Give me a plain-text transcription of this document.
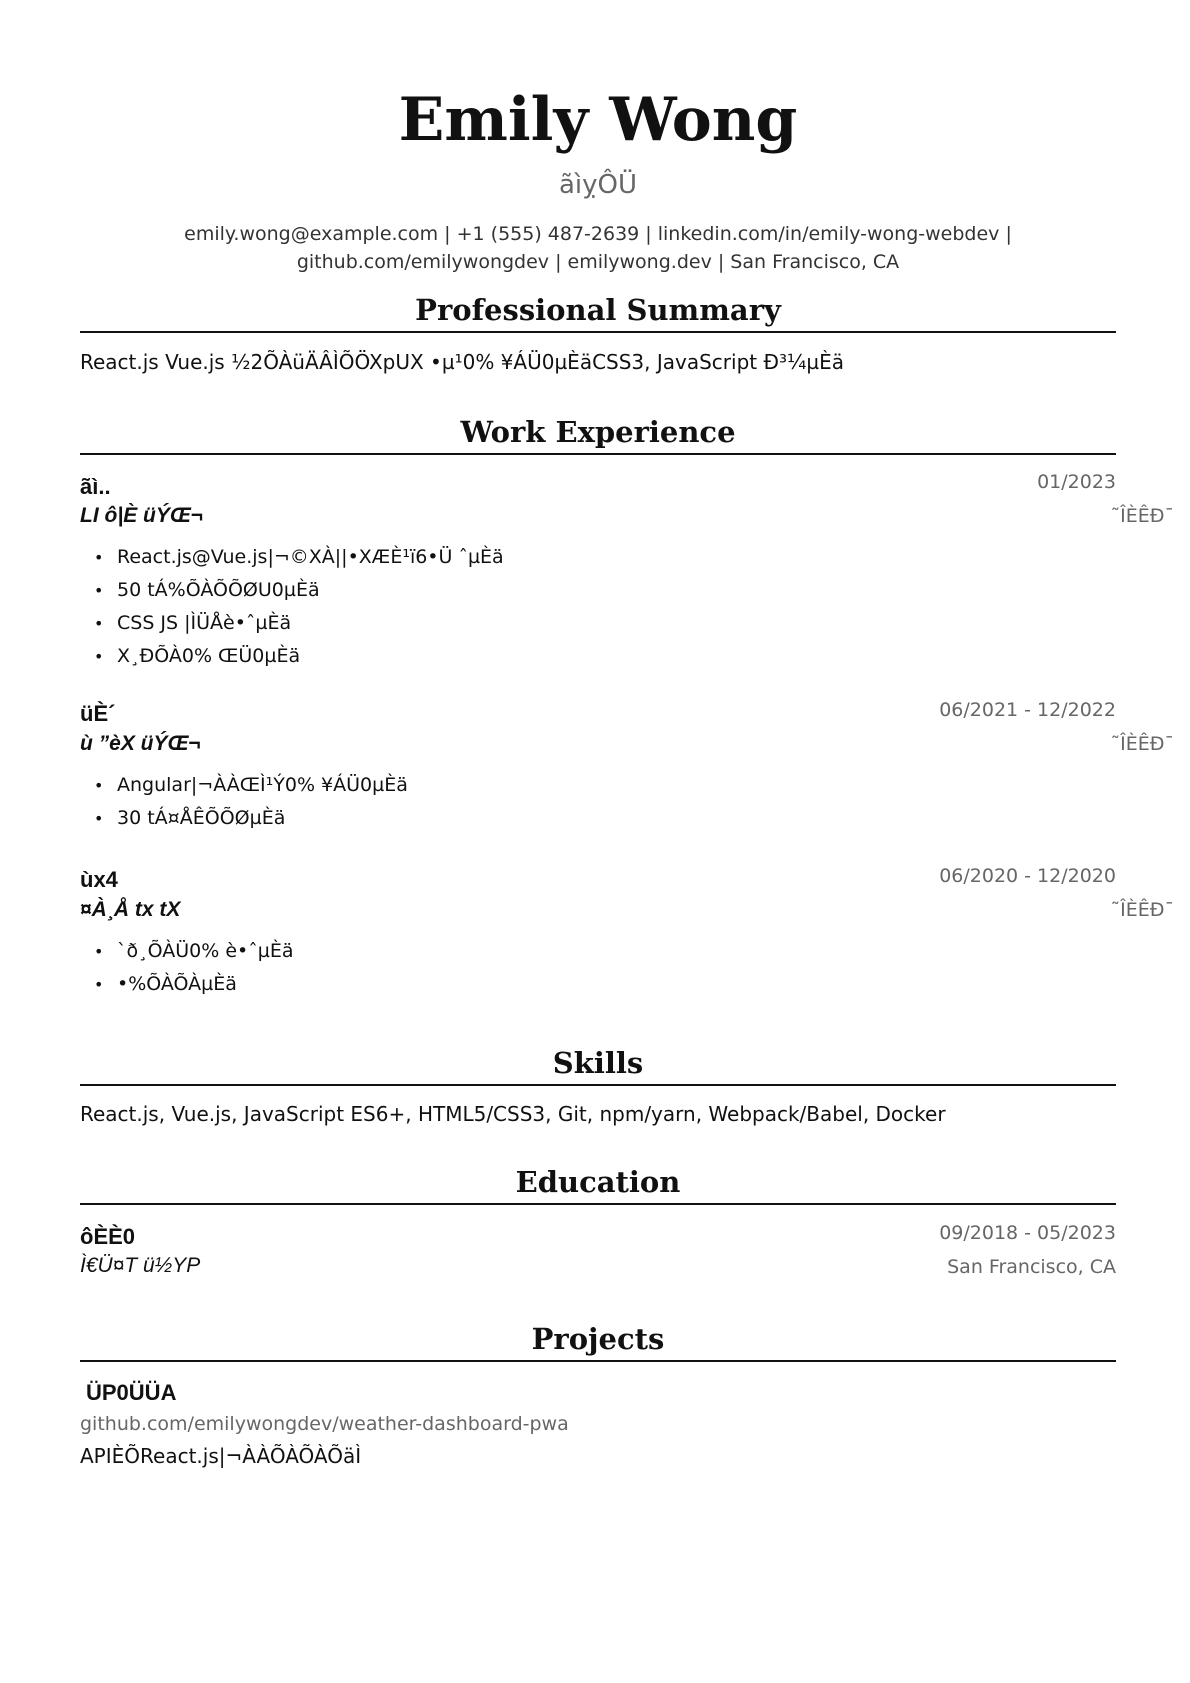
Emily Wong
ãìỵÔÜ
emily.wong@example.com | +1 (555) 487-2639 | linkedin.com/in/emily-wong-webdev |
github.com/emilywongdev | emilywong.dev | San Francisco, CA
Professional Summary
React.js Vue.js ½2ÕÀüÄÂÌÕÖXpUX •µ¹0% ¥ÁÜ0µÈäCSS3, JavaScript Ð³¼µÈä
Work Experience
ãì..	01/2023
LI ô|È üÝŒ¬	˜ÎÈÊÐ¯
• React.js@Vue.js|¬©XÀ||•XÆÈ¹ï6•Ü ˆµÈä
• 50 tÁ%ÕÀÕÕØU0µÈä
• CSS JS |ÌÜÅè•ˆµÈä
• X¸ÐÕÀ0% ŒÜ0µÈä
üÈ´	06/2021 - 12/2022
ù ”èX üÝŒ¬	˜ÎÈÊÐ¯
• Angular|¬ÀÀŒÌ¹Ý0% ¥ÁÜ0µÈä
• 30 tÁ¤ÅÊÕÕØµÈä
ùx4	06/2020 - 12/2020
¤À¸Å tx tX	˜ÎÈÊÐ¯
• `ð¸ÕÀÜ0% è•ˆµÈä
• •%ÕÀÕÀµÈä
Skills
React.js, Vue.js, JavaScript ES6+, HTML5/CSS3, Git, npm/yarn, Webpack/Babel, Docker
Education
ôÈÈ0	09/2018 - 05/2023
Ì€Ü¤T ü½YP	San Francisco, CA
Projects
ÜP0ÜÜA
github.com/emilywongdev/weather-dashboard-pwa
APIÈÕReact.js|¬ÀÀÕÀÕÀÕäÌ
